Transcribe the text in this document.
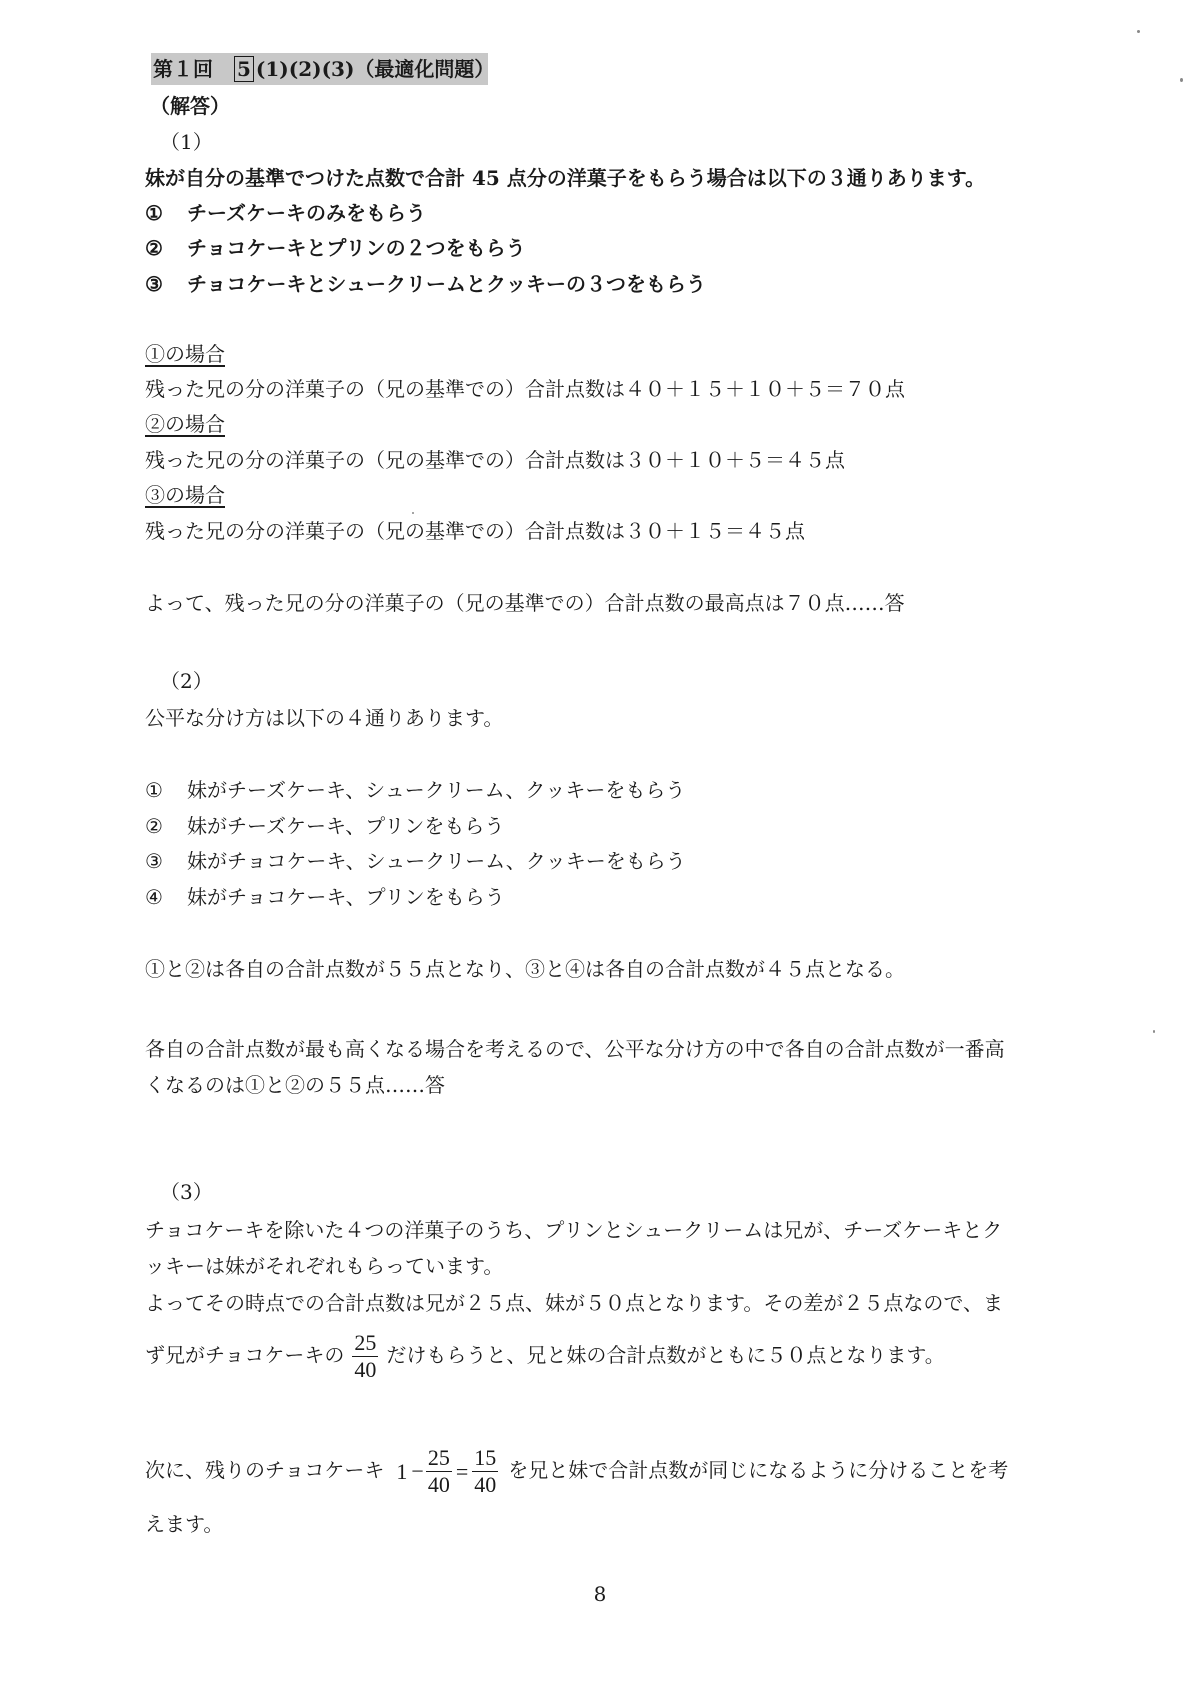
第１回 5 (1)(2)(3)（最適化問題）
（解答）
（1）
妹が自分の基準でつけた点数で合計 45 点分の洋菓子をもらう場合は以下の３通りあります。
① チーズケーキのみをもらう
② チョコケーキとプリンの２つをもらう
③ チョコケーキとシュークリームとクッキーの３つをもらう
①の場合
残った兄の分の洋菓子の（兄の基準での）合計点数は４０＋１５＋１０＋５＝７０点
②の場合
残った兄の分の洋菓子の（兄の基準での）合計点数は３０＋１０＋５＝４５点
③の場合
残った兄の分の洋菓子の（兄の基準での）合計点数は３０＋１５＝４５点
よって、残った兄の分の洋菓子の（兄の基準での）合計点数の最高点は７０点……答
（2）
公平な分け方は以下の４通りあります。
① 妹がチーズケーキ、シュークリーム、クッキーをもらう
② 妹がチーズケーキ、プリンをもらう
③ 妹がチョコケーキ、シュークリーム、クッキーをもらう
④ 妹がチョコケーキ、プリンをもらう
①と②は各自の合計点数が５５点となり、③と④は各自の合計点数が４５点となる。
各自の合計点数が最も高くなる場合を考えるので、公平な分け方の中で各自の合計点数が一番高
くなるのは①と②の５５点……答
（3）
チョコケーキを除いた４つの洋菓子のうち、プリンとシュークリームは兄が、チーズケーキとク
ッキーは妹がそれぞれもらっています。
よってその時点での合計点数は兄が２５点、妹が５０点となります。その差が２５点なので、ま
ず兄がチョコケーキの $\frac{25}{40}$ だけもらうと、兄と妹の合計点数がともに５０点となります。
次に、残りのチョコケーキ $1 - \frac{25}{40} = \frac{15}{40}$ を兄と妹で合計点数が同じになるように分けることを考
えます。
8
